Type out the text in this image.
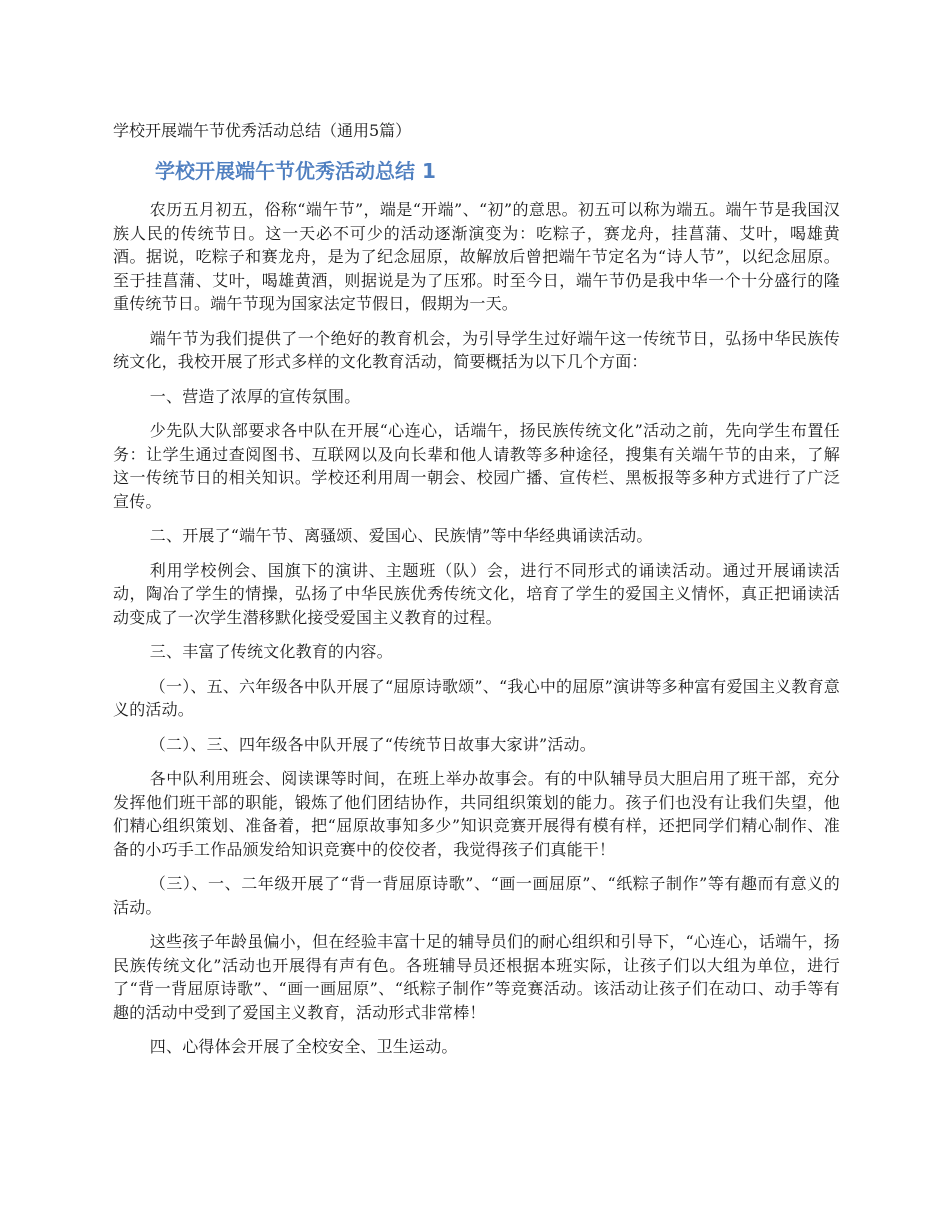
学校开展端午节优秀活动总结（通用5篇）
学校开展端午节优秀活动总结 1

农历五月初五，俗称“端午节”，端是“开端”、“初”的意思。初五可以称为端五。端午节是我国汉族人民的传统节日。这一天必不可少的活动逐渐演变为：吃粽子，赛龙舟，挂菖蒲、艾叶，喝雄黄酒。据说，吃粽子和赛龙舟，是为了纪念屈原，故解放后曾把端午节定名为“诗人节”，以纪念屈原。至于挂菖蒲、艾叶，喝雄黄酒，则据说是为了压邪。时至今日，端午节仍是我中华一个十分盛行的隆重传统节日。端午节现为国家法定节假日，假期为一天。

端午节为我们提供了一个绝好的教育机会，为引导学生过好端午这一传统节日，弘扬中华民族传统文化，我校开展了形式多样的文化教育活动，简要概括为以下几个方面：

一、营造了浓厚的宣传氛围。

少先队大队部要求各中队在开展“心连心，话端午，扬民族传统文化”活动之前，先向学生布置任务：让学生通过查阅图书、互联网以及向长辈和他人请教等多种途径，搜集有关端午节的由来，了解这一传统节日的相关知识。学校还利用周一朝会、校园广播、宣传栏、黑板报等多种方式进行了广泛宣传。

二、开展了“端午节、离骚颂、爱国心、民族情”等中华经典诵读活动。

利用学校例会、国旗下的演讲、主题班（队）会，进行不同形式的诵读活动。通过开展诵读活动，陶冶了学生的情操，弘扬了中华民族优秀传统文化，培育了学生的爱国主义情怀，真正把诵读活动变成了一次学生潜移默化接受爱国主义教育的过程。

三、丰富了传统文化教育的内容。

（一）、五、六年级各中队开展了“屈原诗歌颂”、“我心中的屈原”演讲等多种富有爱国主义教育意义的活动。

（二）、三、四年级各中队开展了“传统节日故事大家讲”活动。

各中队利用班会、阅读课等时间，在班上举办故事会。有的中队辅导员大胆启用了班干部，充分发挥他们班干部的职能，锻炼了他们团结协作，共同组织策划的能力。孩子们也没有让我们失望，他们精心组织策划、准备着，把“屈原故事知多少”知识竞赛开展得有模有样，还把同学们精心制作、准备的小巧手工作品颁发给知识竞赛中的佼佼者，我觉得孩子们真能干！

（三）、一、二年级开展了“背一背屈原诗歌”、“画一画屈原”、“纸粽子制作”等有趣而有意义的活动。

这些孩子年龄虽偏小，但在经验丰富十足的辅导员们的耐心组织和引导下，“心连心，话端午，扬民族传统文化”活动也开展得有声有色。各班辅导员还根据本班实际，让孩子们以大组为单位，进行了“背一背屈原诗歌”、“画一画屈原”、“纸粽子制作”等竞赛活动。该活动让孩子们在动口、动手等有趣的活动中受到了爱国主义教育，活动形式非常棒！

四、心得体会开展了全校安全、卫生运动。
